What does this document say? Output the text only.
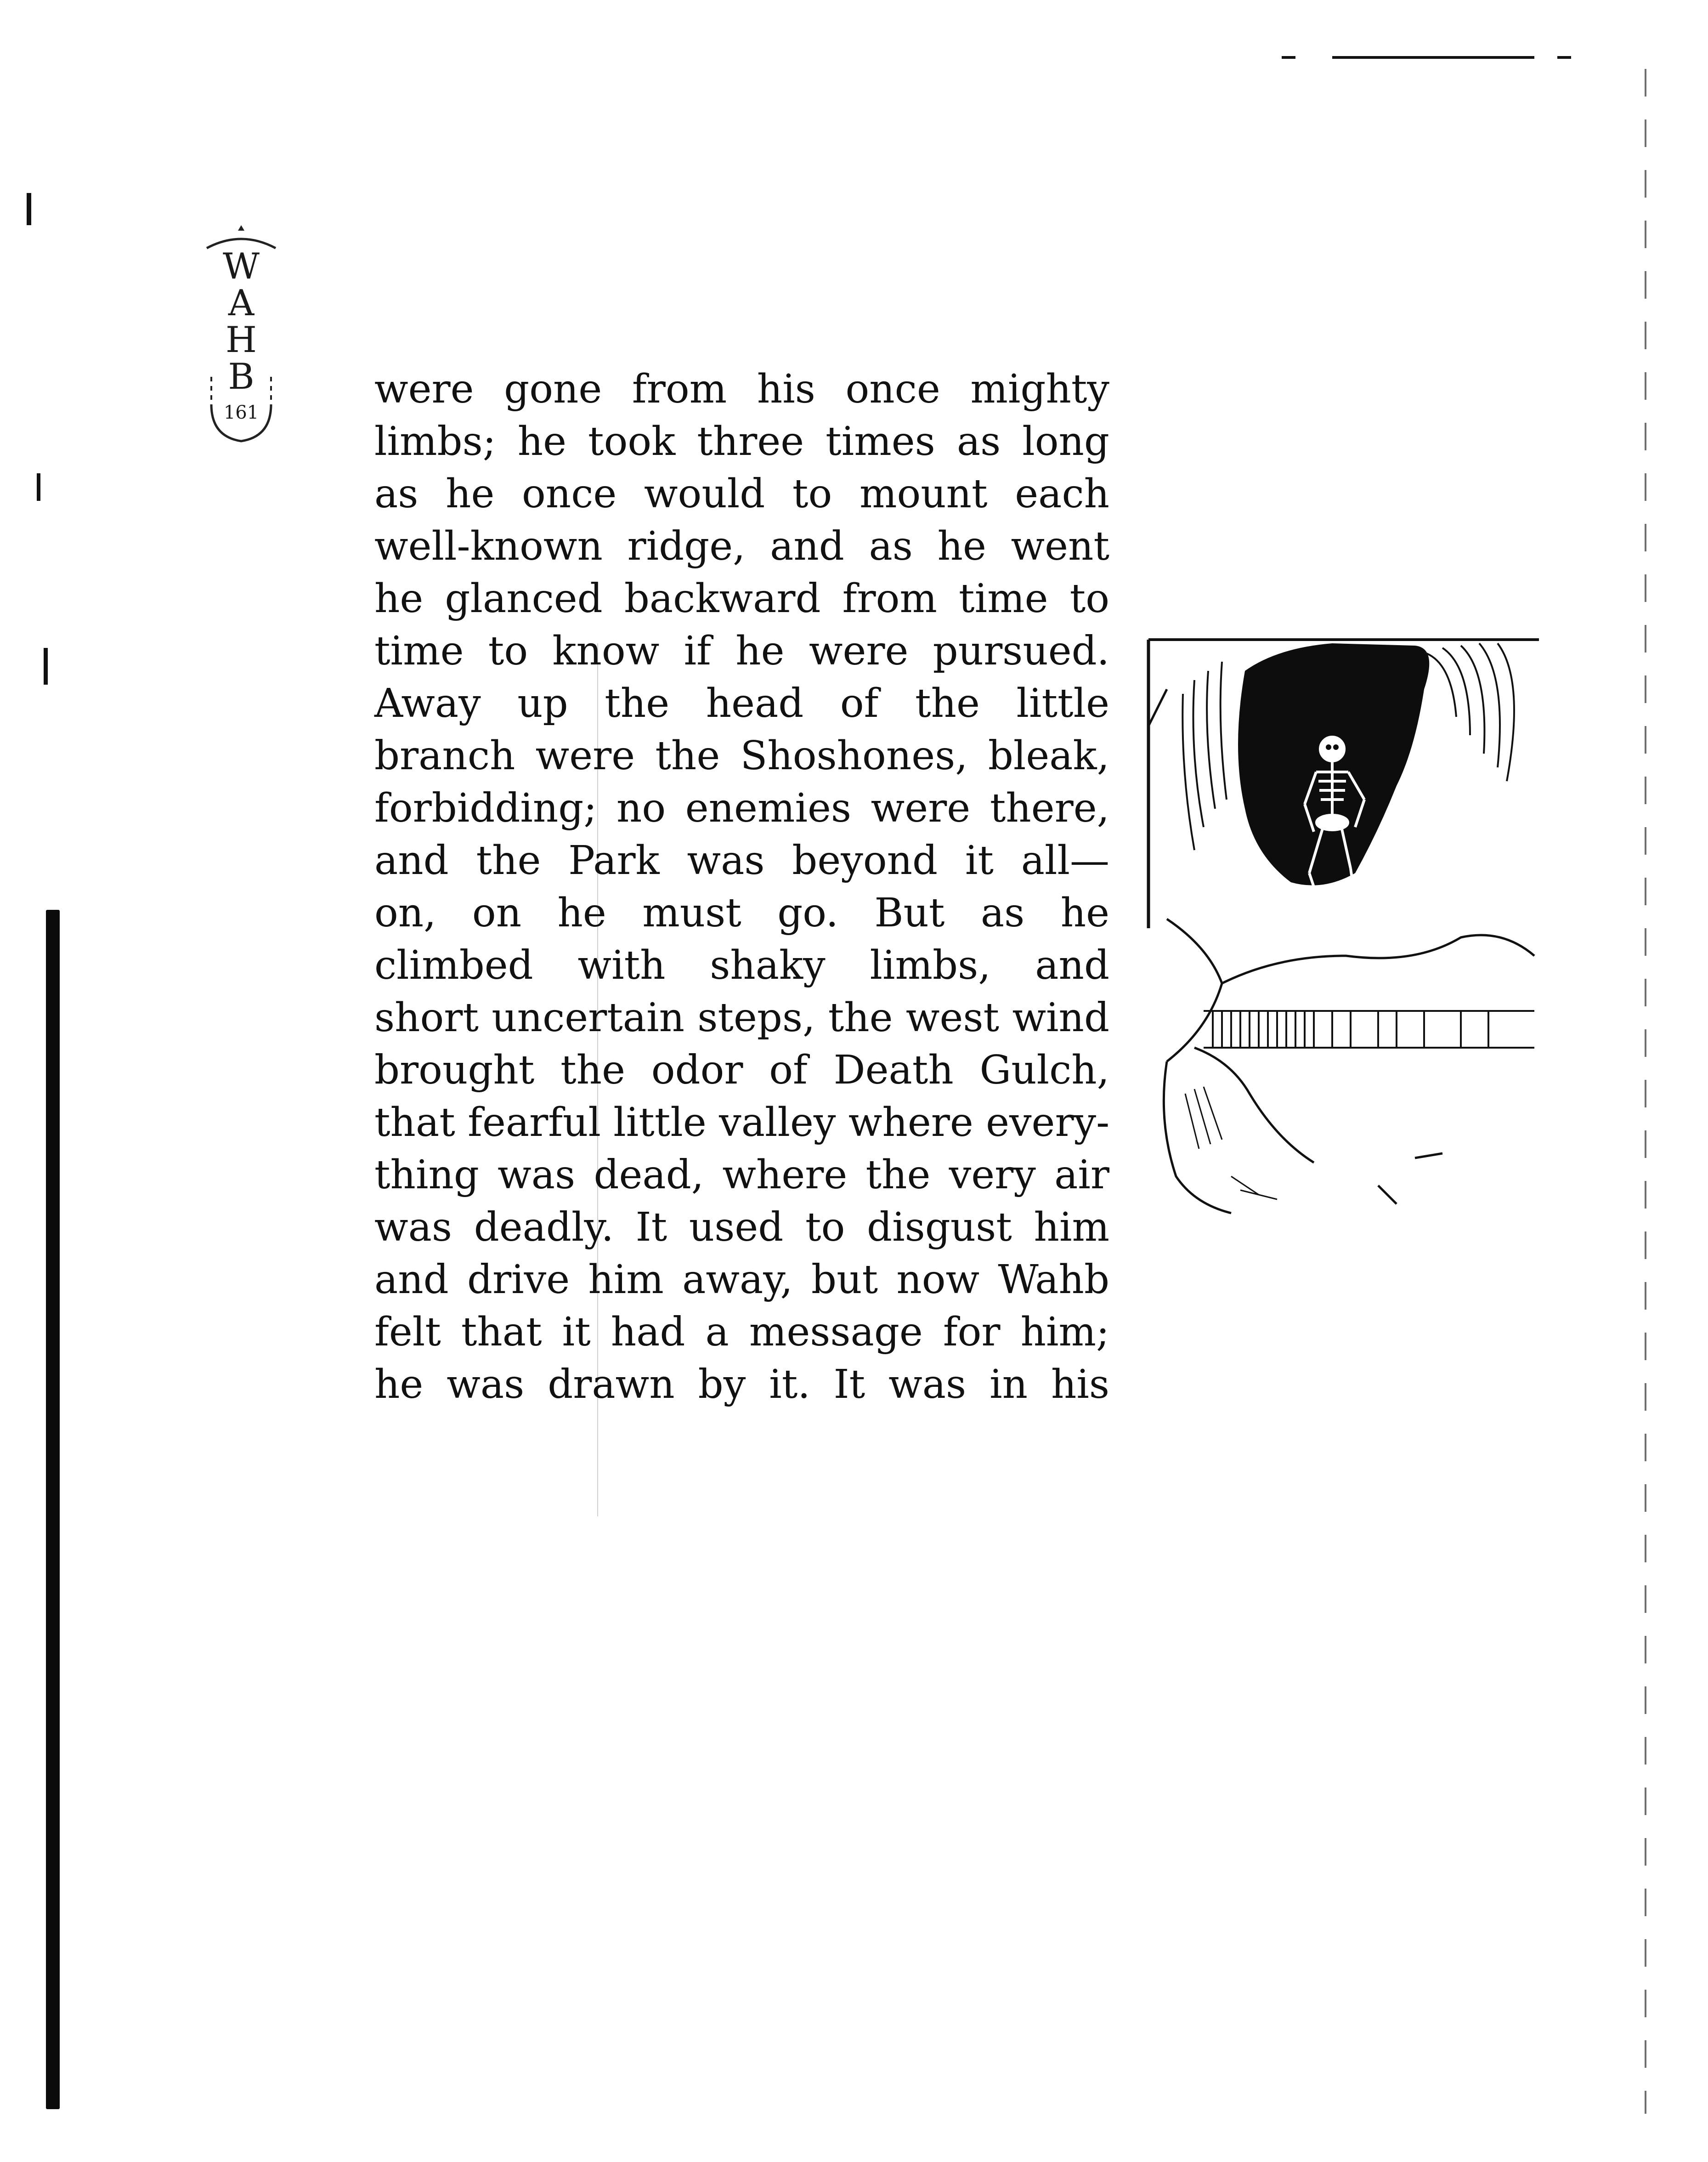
W
A
H
B
161
were gone from his once mighty
limbs; he took three times as long
as he once would to mount each
well-known ridge, and as he went
he glanced backward from time to
time to know if he were pursued.
Away up the head of the little
branch were the Shoshones, bleak,
forbidding; no enemies were there,
and the Park was beyond it all—
on, on he must go. But as he
climbed with shaky limbs, and
short uncertain steps, the west wind
brought the odor of Death Gulch,
that fearful little valley where every-
thing was dead, where the very air
was deadly. It used to disgust him
and drive him away, but now Wahb
felt that it had a message for him;
he was drawn by it. It was in his
